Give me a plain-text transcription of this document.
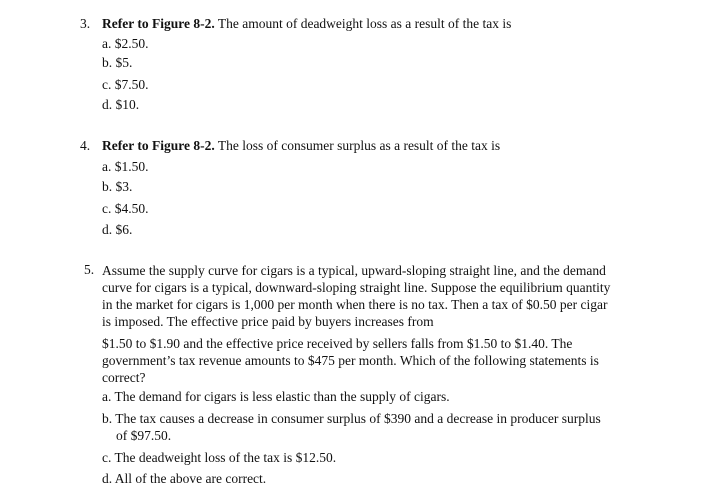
3. Refer to Figure 8-2. The amount of deadweight loss as a result of the tax is
a. $2.50.
b. $5.
c. $7.50.
d. $10.
4. Refer to Figure 8-2. The loss of consumer surplus as a result of the tax is
a. $1.50.
b. $3.
c. $4.50.
d. $6.
5. Assume the supply curve for cigars is a typical, upward-sloping straight line, and the demand
curve for cigars is a typical, downward-sloping straight line. Suppose the equilibrium quantity
in the market for cigars is 1,000 per month when there is no tax. Then a tax of $0.50 per cigar
is imposed. The effective price paid by buyers increases from
$1.50 to $1.90 and the effective price received by sellers falls from $1.50 to $1.40. The
government’s tax revenue amounts to $475 per month. Which of the following statements is
correct?
a. The demand for cigars is less elastic than the supply of cigars.
b. The tax causes a decrease in consumer surplus of $390 and a decrease in producer surplus
of $97.50.
c. The deadweight loss of the tax is $12.50.
d. All of the above are correct.
